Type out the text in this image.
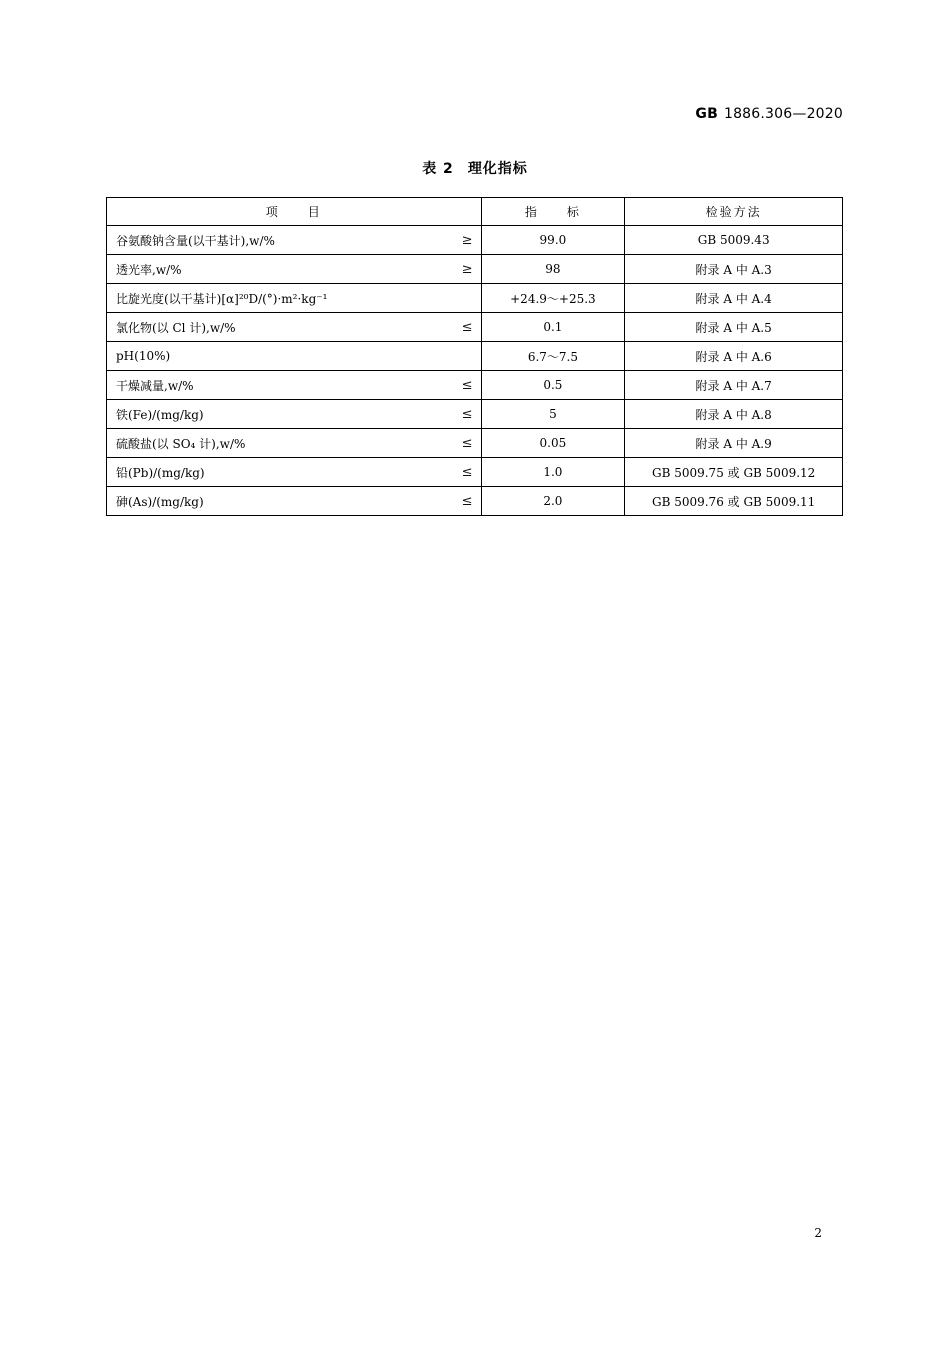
GB 1886.306—2020
表 2 理化指标
项　　目	指　　标	检验方法

谷氨酸钠含量(以干基计),w/% ≥	99.0	GB 5009.43

透光率,w/% ≥	98	附录 A 中 A.3

比旋光度(以干基计)[α]²⁰D/(°)·m²·kg⁻¹	+24.9～+25.3	附录 A 中 A.4

氯化物(以 Cl 计),w/% ≤	0.1	附录 A 中 A.5

pH(10%)	6.7～7.5	附录 A 中 A.6

干燥减量,w/% ≤	0.5	附录 A 中 A.7

铁(Fe)/(mg/kg) ≤	5	附录 A 中 A.8

硫酸盐(以 SO₄ 计),w/% ≤	0.05	附录 A 中 A.9

铅(Pb)/(mg/kg) ≤	1.0	GB 5009.75 或 GB 5009.12

砷(As)/(mg/kg) ≤	2.0	GB 5009.76 或 GB 5009.11
2
